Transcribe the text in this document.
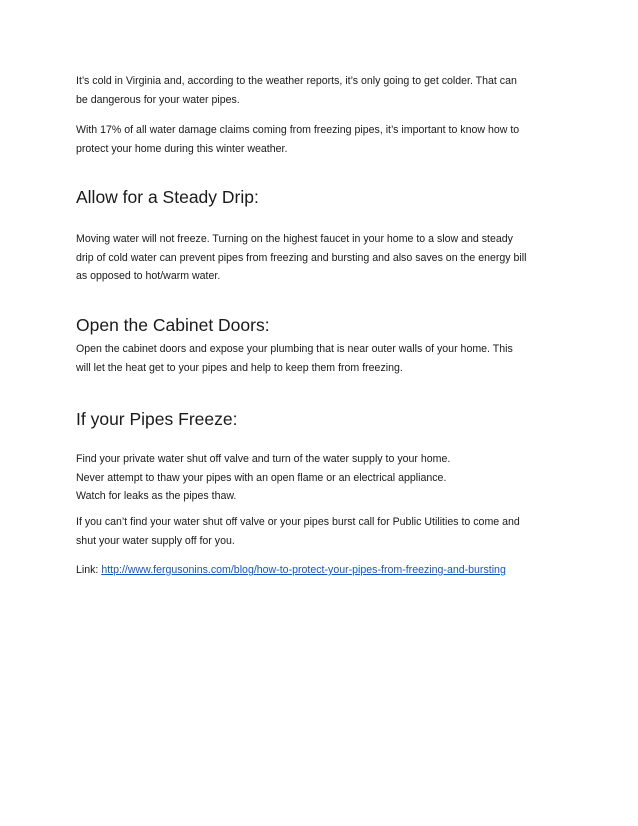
It’s cold in Virginia and, according to the weather reports, it’s only going to get colder. That can
be dangerous for your water pipes.

With 17% of all water damage claims coming from freezing pipes, it’s important to know how to
protect your home during this winter weather.

Allow for a Steady Drip:

Moving water will not freeze. Turning on the highest faucet in your home to a slow and steady
drip of cold water can prevent pipes from freezing and bursting and also saves on the energy bill
as opposed to hot/warm water.

Open the Cabinet Doors:

Open the cabinet doors and expose your plumbing that is near outer walls of your home. This
will let the heat get to your pipes and help to keep them from freezing.

If your Pipes Freeze:

Find your private water shut off valve and turn of the water supply to your home.
Never attempt to thaw your pipes with an open flame or an electrical appliance.
Watch for leaks as the pipes thaw.

If you can’t find your water shut off valve or your pipes burst call for Public Utilities to come and
shut your water supply off for you.

Link: http://www.fergusonins.com/blog/how-to-protect-your-pipes-from-freezing-and-bursting
